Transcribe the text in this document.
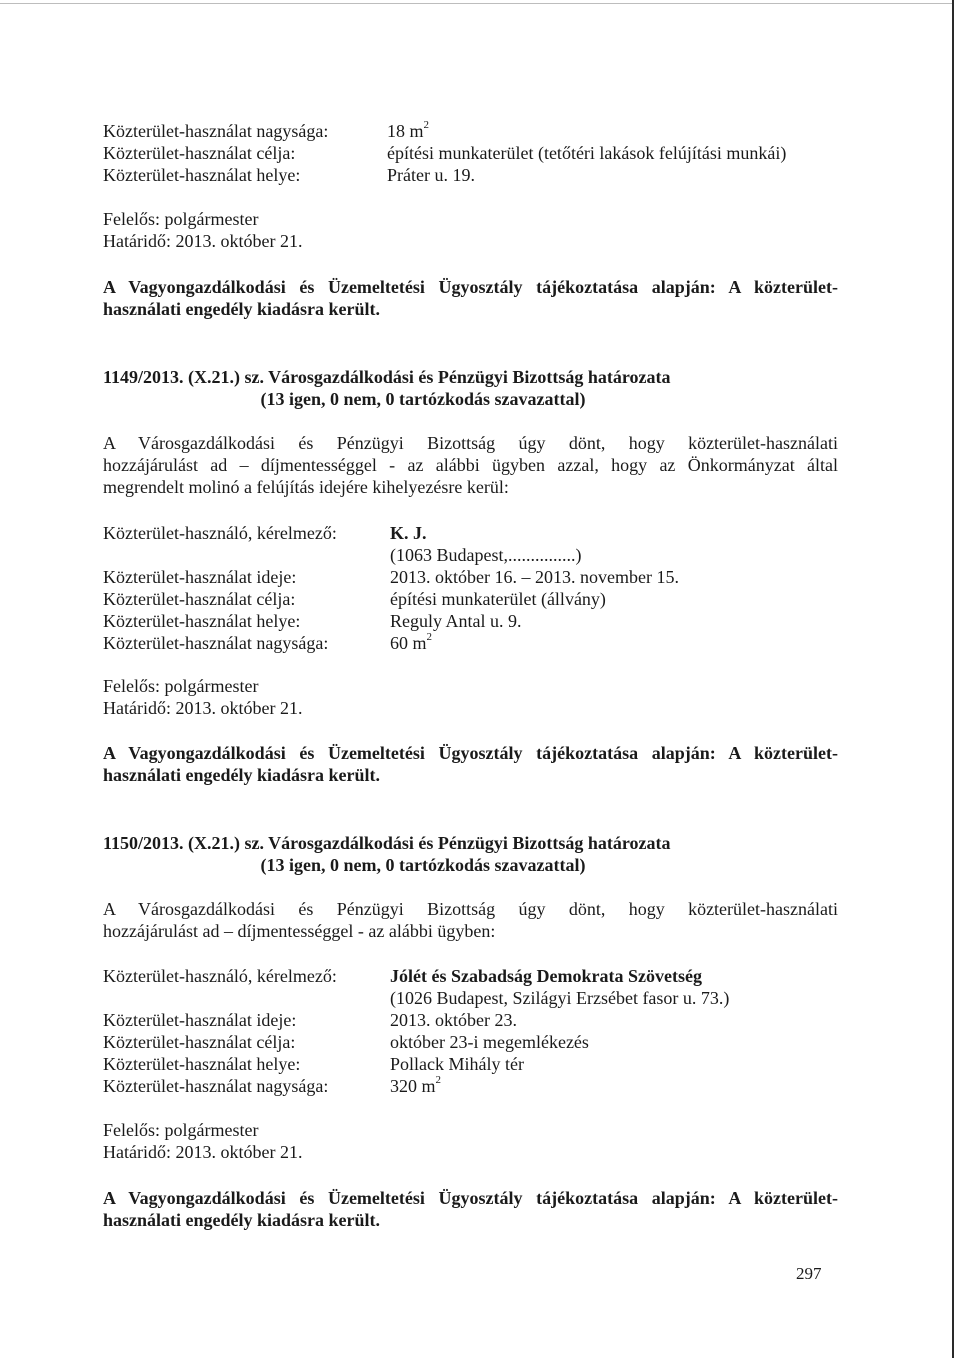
Közterület-használat nagysága:	18 $m^2$
Közterület-használat célja:	építési munkaterület (tetőtéri lakások felújítási munkái)
Közterület-használat helye:	Práter u. 19.

Felelős: polgármester

Határidő: 2013. október 21.

A Vagyongazdálkodási és Üzemeltetési Ügyosztály tájékoztatása alapján: A közterület-

használati engedély kiadásra került.

1149/2013. (X.21.) sz. Városgazdálkodási és Pénzügyi Bizottság határozata

(13 igen, 0 nem, 0 tartózkodás szavazattal)

A Városgazdálkodási és Pénzügyi Bizottság úgy dönt, hogy közterület-használati

hozzájárulást ad – díjmentességgel - az alábbi ügyben azzal, hogy az Önkormányzat által

megrendelt molinó a felújítás idejére kihelyezésre kerül:

Közterület-használó, kérelmező:	K. J.
(1063 Budapest,...............)
Közterület-használat ideje:	2013. október 16. – 2013. november 15.
Közterület-használat célja:	építési munkaterület (állvány)
Közterület-használat helye:	Reguly Antal u. 9.
Közterület-használat nagysága:	60 $m^2$

Felelős: polgármester

Határidő: 2013. október 21.

A Vagyongazdálkodási és Üzemeltetési Ügyosztály tájékoztatása alapján: A közterület-

használati engedély kiadásra került.

1150/2013. (X.21.) sz. Városgazdálkodási és Pénzügyi Bizottság határozata

(13 igen, 0 nem, 0 tartózkodás szavazattal)

A Városgazdálkodási és Pénzügyi Bizottság úgy dönt, hogy közterület-használati

hozzájárulást ad – díjmentességgel - az alábbi ügyben:

Közterület-használó, kérelmező:	Jólét és Szabadság Demokrata Szövetség
(1026 Budapest, Szilágyi Erzsébet fasor u. 73.)
Közterület-használat ideje:	2013. október 23.
Közterület-használat célja:	október 23-i megemlékezés
Közterület-használat helye:	Pollack Mihály tér
Közterület-használat nagysága:	320 $m^2$

Felelős: polgármester

Határidő: 2013. október 21.

A Vagyongazdálkodási és Üzemeltetési Ügyosztály tájékoztatása alapján: A közterület-

használati engedély kiadásra került.

297
